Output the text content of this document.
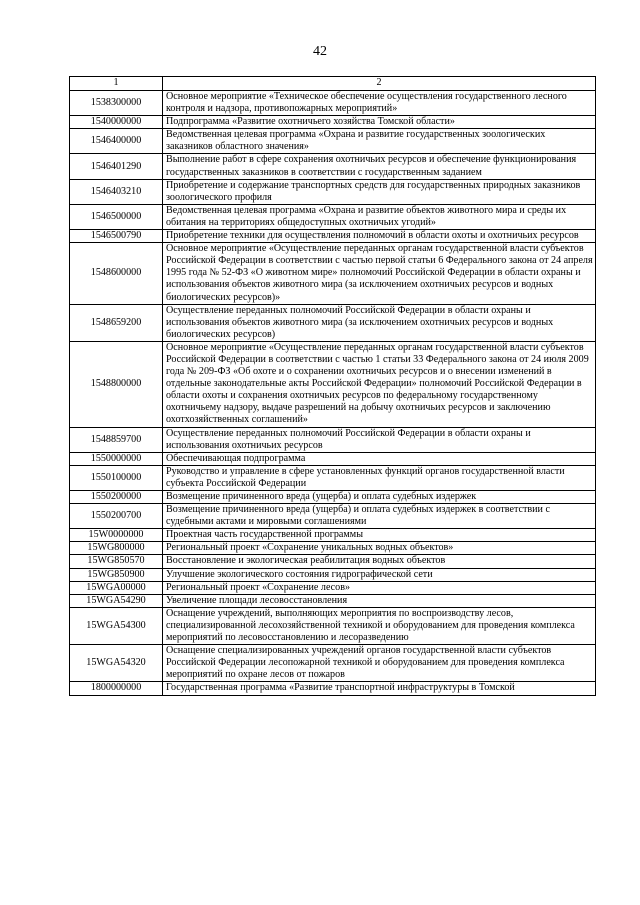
42
1	2
1538300000	Основное мероприятие «Техническое обеспечение осуществления государственного лесного контроля и надзора, противопожарных мероприятий»
1540000000	Подпрограмма «Развитие охотничьего хозяйства Томской области»
1546400000	Ведомственная целевая программа «Охрана и развитие государственных зоологических заказников областного значения»
1546401290	Выполнение работ в сфере сохранения охотничьих ресурсов и обеспечение функционирования государственных заказников в соответствии с государственным заданием
1546403210	Приобретение и содержание транспортных средств для государственных природных заказников зоологического профиля
1546500000	Ведомственная целевая программа «Охрана и развитие объектов животного мира и среды их обитания на территориях общедоступных охотничьих угодий»
1546500790	Приобретение техники для осуществления полномочий в области охоты и охотничьих ресурсов
1548600000	Основное мероприятие «Осуществление переданных органам государственной власти субъектов Российской Федерации в соответствии с частью первой статьи 6 Федерального закона от 24 апреля 1995 года № 52-ФЗ «О животном мире» полномочий Российской Федерации в области охраны и использования объектов животного мира (за исключением охотничьих ресурсов и водных биологических ресурсов)»
1548659200	Осуществление переданных полномочий Российской Федерации в области охраны и использования объектов животного мира (за исключением охотничьих ресурсов и водных биологических ресурсов)
1548800000	Основное мероприятие «Осуществление переданных органам государственной власти субъектов Российской Федерации в соответствии с частью 1 статьи 33 Федерального закона от 24 июля 2009 года № 209-ФЗ «Об охоте и о сохранении охотничьих ресурсов и о внесении изменений в отдельные законодательные акты Российской Федерации» полномочий Российской Федерации в области охоты и сохранения охотничьих ресурсов по федеральному государственному охотничьему надзору, выдаче разрешений на добычу охотничьих ресурсов и заключению охотхозяйственных соглашений»
1548859700	Осуществление переданных полномочий Российской Федерации в области охраны и использования охотничьих ресурсов
1550000000	Обеспечивающая подпрограмма
1550100000	Руководство и управление в сфере установленных функций органов государственной власти субъекта Российской Федерации
1550200000	Возмещение причиненного вреда (ущерба) и оплата судебных издержек
1550200700	Возмещение причиненного вреда (ущерба) и оплата судебных издержек в соответствии с судебными актами и мировыми соглашениями
15W0000000	Проектная часть государственной программы
15WG800000	Региональный проект «Сохранение уникальных водных объектов»
15WG850570	Восстановление и экологическая реабилитация водных объектов
15WG850900	Улучшение экологического состояния гидрографической сети
15WGA00000	Региональный проект «Сохранение лесов»
15WGA54290	Увеличение площади лесовосстановления
15WGA54300	Оснащение учреждений, выполняющих мероприятия по воспроизводству лесов, специализированной лесохозяйственной техникой и оборудованием для проведения комплекса мероприятий по лесовосстановлению и лесоразведению
15WGA54320	Оснащение специализированных учреждений органов государственной власти субъектов Российской Федерации лесопожарной техникой и оборудованием для проведения комплекса мероприятий по охране лесов от пожаров
1800000000	Государственная программа «Развитие транспортной инфраструктуры в Томской
